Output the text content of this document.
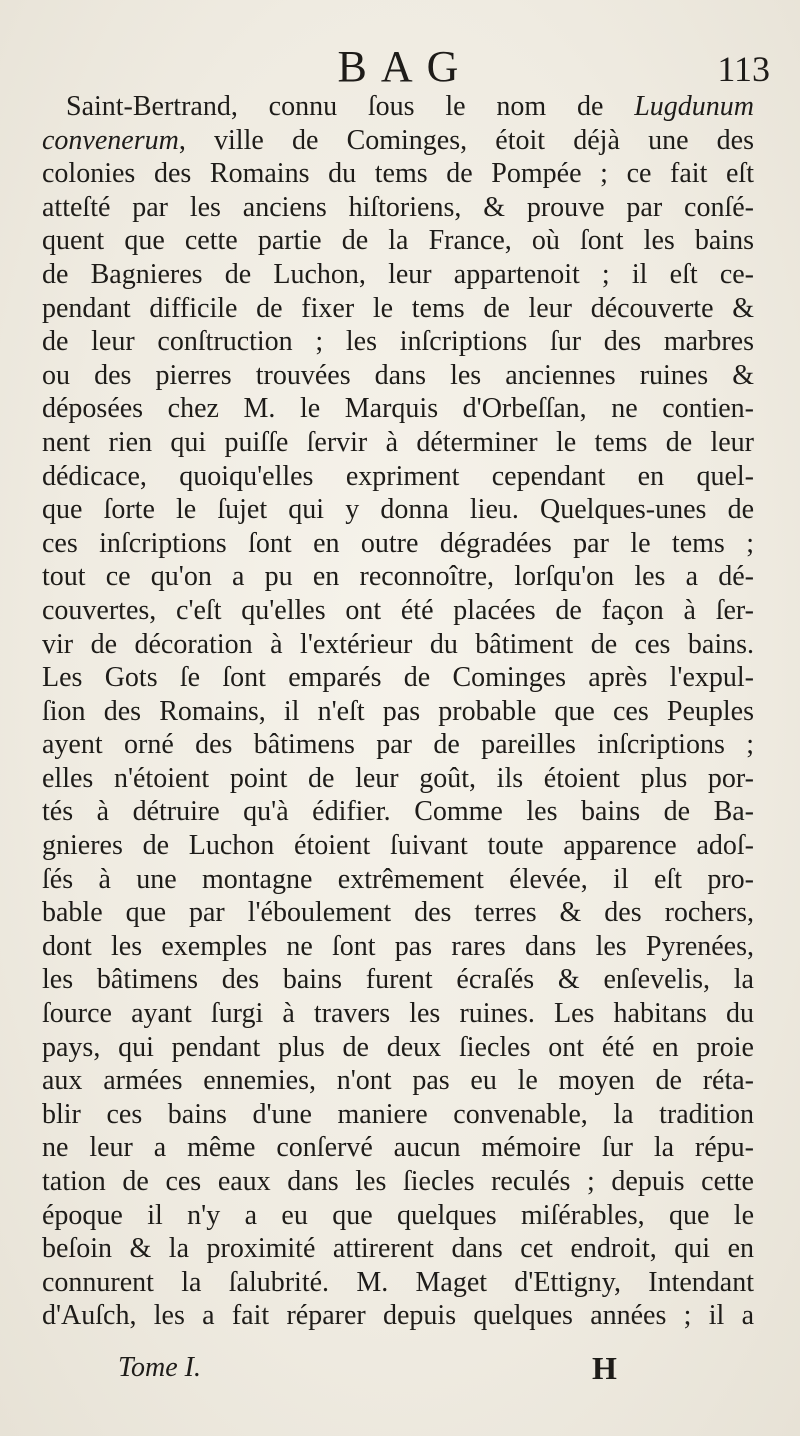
BAG	113
Saint-Bertrand, connu ſous le nom de Lugdunum
convenerum, ville de Cominges, étoit déjà une des
colonies des Romains du tems de Pompée ; ce fait eſt
atteſté par les anciens hiſtoriens, & prouve par conſé-
quent que cette partie de la France, où ſont les bains
de Bagnieres de Luchon, leur appartenoit ; il eſt ce-
pendant difficile de fixer le tems de leur découverte &
de leur conſtruction ; les inſcriptions ſur des marbres
ou des pierres trouvées dans les anciennes ruines &
déposées chez M. le Marquis d'Orbeſſan, ne contien-
nent rien qui puiſſe ſervir à déterminer le tems de leur
dédicace, quoiqu'elles expriment cependant en quel-
que ſorte le ſujet qui y donna lieu. Quelques-unes de
ces inſcriptions ſont en outre dégradées par le tems ;
tout ce qu'on a pu en reconnoître, lorſqu'on les a dé-
couvertes, c'eſt qu'elles ont été placées de façon à ſer-
vir de décoration à l'extérieur du bâtiment de ces bains.
Les Gots ſe ſont emparés de Cominges après l'expul-
ſion des Romains, il n'eſt pas probable que ces Peuples
ayent orné des bâtimens par de pareilles inſcriptions ;
elles n'étoient point de leur goût, ils étoient plus por-
tés à détruire qu'à édifier. Comme les bains de Ba-
gnieres de Luchon étoient ſuivant toute apparence adoſ-
ſés à une montagne extrêmement élevée, il eſt pro-
bable que par l'éboulement des terres & des rochers,
dont les exemples ne ſont pas rares dans les Pyrenées,
les bâtimens des bains furent écraſés & enſevelis, la
ſource ayant ſurgi à travers les ruines. Les habitans du
pays, qui pendant plus de deux ſiecles ont été en proie
aux armées ennemies, n'ont pas eu le moyen de réta-
blir ces bains d'une maniere convenable, la tradition
ne leur a même conſervé aucun mémoire ſur la répu-
tation de ces eaux dans les ſiecles reculés ; depuis cette
époque il n'y a eu que quelques miſérables, que le
beſoin & la proximité attirerent dans cet endroit, qui en
connurent la ſalubrité. M. Maget d'Ettigny, Intendant
d'Auſch, les a fait réparer depuis quelques années ; il a
Tome I.	H
